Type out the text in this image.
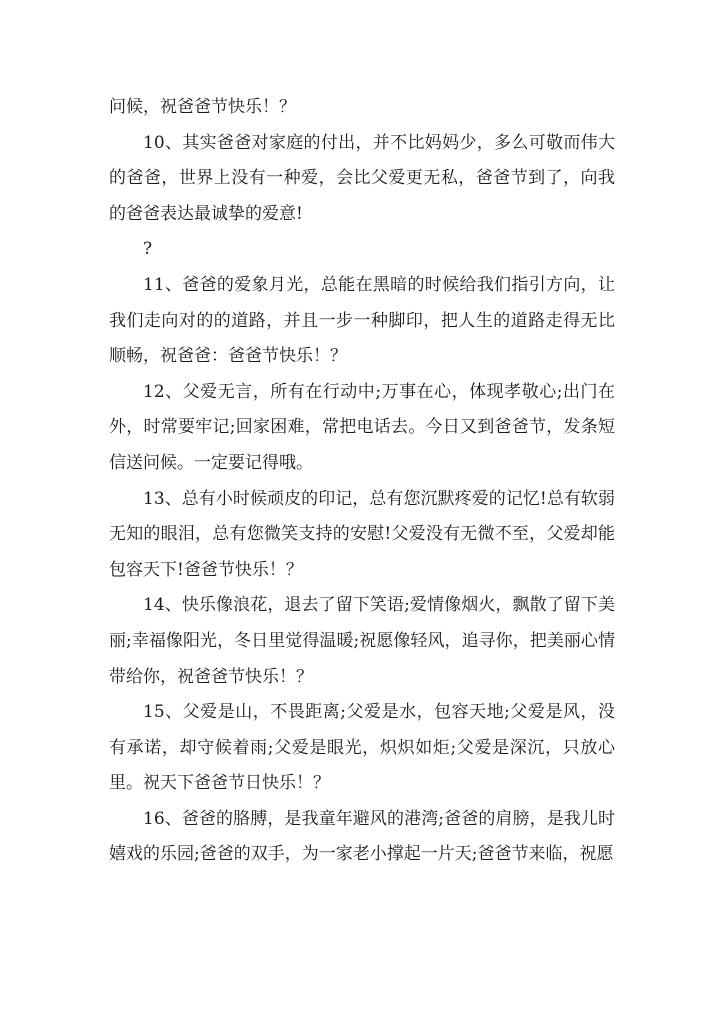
问候，祝爸爸节快乐！？

10、其实爸爸对家庭的付出，并不比妈妈少，多么可敬而伟大的爸爸，世界上没有一种爱，会比父爱更无私，爸爸节到了，向我的爸爸表达最诚挚的爱意!

?

11、爸爸的爱象月光，总能在黑暗的时候给我们指引方向，让我们走向对的的道路，并且一步一种脚印，把人生的道路走得无比顺畅，祝爸爸：爸爸节快乐！？

12、父爱无言，所有在行动中;万事在心，体现孝敬心;出门在外，时常要牢记;回家困难，常把电话去。今日又到爸爸节，发条短信送问候。一定要记得哦。

13、总有小时候顽皮的印记，总有您沉默疼爱的记忆!总有软弱无知的眼泪，总有您微笑支持的安慰!父爱没有无微不至，父爱却能包容天下!爸爸节快乐！？

14、快乐像浪花，退去了留下笑语;爱情像烟火，飘散了留下美丽;幸福像阳光，冬日里觉得温暖;祝愿像轻风，追寻你，把美丽心情带给你，祝爸爸节快乐！？

15、父爱是山，不畏距离;父爱是水，包容天地;父爱是风，没有承诺，却守候着雨;父爱是眼光，炽炽如炬;父爱是深沉，只放心里。祝天下爸爸节日快乐！？

16、爸爸的胳膊，是我童年避风的港湾;爸爸的肩膀，是我儿时嬉戏的乐园;爸爸的双手，为一家老小撑起一片天;爸爸节来临，祝愿
